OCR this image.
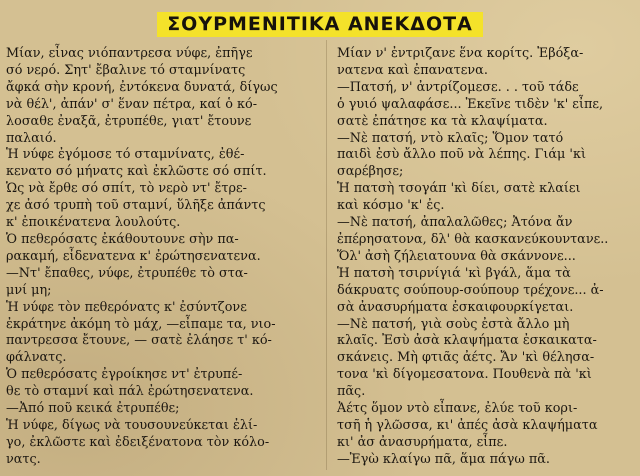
ΣΟΥΡΜΕΝΙΤΙΚΑ ΑΝΕΚΔΟΤΑ

Μίαν, εἶνας νιόπαντρεσα νύφε, ἐπῆγε

σό νερό. Σητ' ἔβαλινε τό σταμνίνατς

ἄφκά σὴν κρονή, ἐντόκενα δυνατά, δίγως

νὰ θέλ', ἀπάν' σ' ἕναν πέτρα, καί ὁ κό-

λοσαθε ἐναξᾶ, ἐτρυπέθε, γιατ' ἔτουνε

παλαιό.

Ἡ νύφε ἐγόμοσε τό σταμνίνατς, ἐθέ-

κενατο σό μήνατς καὶ ἐκλῶστε σό σπίτ.

Ὡς νὰ ἔρθε σό σπίτ, τὸ νερὸ ντ' ἔτρε-

χε ἀσό τρυπὴ τοῦ σταμνί, ὕλῆξε ἀπάντς

κ' ἐποικένατενα λουλούτς.

Ὁ πεθερόσατς ἐκάθουτουνε σὴν πα-

ρακαμή, εἶδενατενα κ' ἐρώτησενατενα.

—Ντ' ἔπαθες, νύφε, ἐτρυπέθε τὸ στα-

μνί μη;

Ἡ νύφε τὸν πεθερόνατς κ' ἐσύντζονε

ἐκράτηνε ἀκόμη τὸ μάχ, —εἶπαμε τα, νιο-

παντρεσσα ἔτουνε, — σατὲ ἐλάησε τ' κό-

φάλνατς.

Ὁ πεθερόσατς ἐγροίκησε ντ' ἐτρυπέ-

θε τὸ σταμνί καὶ πάλ ἐρώτησενατενα.

—Ἀπό ποῦ κεικά ἐτρυπέθε;

Ἡ νύφε, δίγως νὰ τουσουνεύκεται ἐλί-

γο, ἐκλῶστε καὶ ἐδειξένατονα τὸν κόλο-

νατς.

Μίαν ν' ἐντριζανε ἕνα κορίτς. Ἐβόξα-

νατενα καὶ ἐπανατενα.

—Πατσή, ν' ἀντρίζομεσε. . . τοῦ τάδε

ὁ γυιό ψαλαφάσε... Ἐκεῖνε τιδὲν 'κ' εἶπε,

σατὲ ἐπάτησε κα τὰ κλαψίματα.

—Νὲ πατσή, ντὸ κλαῖς; Ὅμον τατό

παιδὶ ἐσὺ ἄλλο ποῦ νὰ λέπης. Γιάμ 'κὶ

σαρέβησε;

Ἡ πατσὴ τσογάπ 'κὶ δίει, σατὲ κλαίει

καὶ κόσμο 'κ' ἐς.

—Νὲ πατσή, ἀπαλαλῶθες; Ἀτόνα ἄν

ἐπέρησατονα, δλ' θὰ κασκανεύκουντανε..

Ὅλ' ἀσὴ ζήλειατουνα θὰ σκάννονε...

Ἡ πατσὴ τσιρνίγιά 'κὶ βγάλ, ἅμα τὰ

δάκρυατς σούπουρ-σούπουρ τρέχονε... ἀ-

σὰ ἀνασυρήματα ἐσκαιφουρκίγεται.

—Νὲ πατσή, γιὰ σοὺς ἐστὰ ἄλλο μὴ

κλαῖς. Ἐσὺ ἀσὰ κλαψήματα ἐσκαικατα-

σκάνεις. Μὴ φτιᾶς ἀέτς. Ἄν 'κὶ θέλησα-

τονα 'κὶ δίγομεσατονα. Πουθενὰ πὰ 'κὶ

πᾶς.

Ἀέτς ὅμον ντὸ εἶπανε, ἐλύε τοῦ κορι-

τσῆ ἡ γλῶσσα, κι' ἀπές ἀσὰ κλαψήματα

κι' ἀσ ἀνασυρήματα, εἶπε.

—Ἐγὼ κλαίγω πᾶ, ἅμα πάγω πᾶ.
